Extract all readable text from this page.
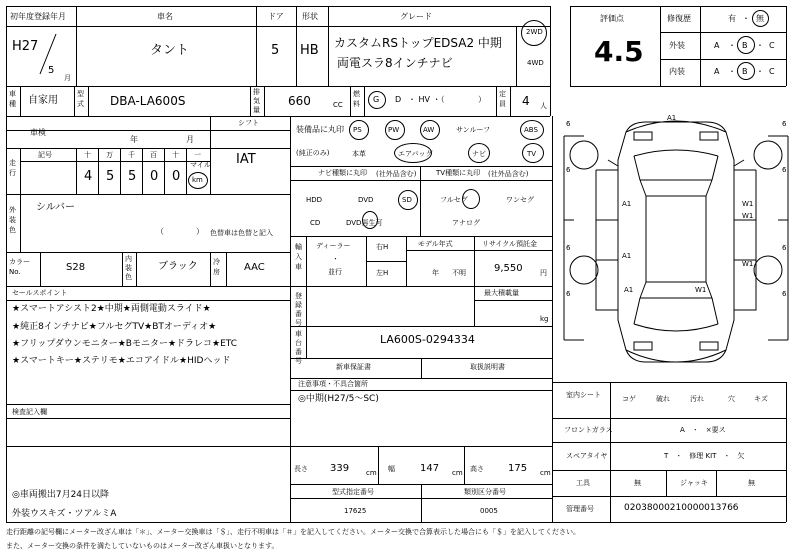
初年度登録年月
H27
5
月
車名
タント
ドア
5
形状
HB
グレード
カスタムRSトップEDSA2 中期
両電スラ8インチナビ
2WD
4WD
評価点
4.5
修復歴	有 ・ 無
外装	A ・ B ・ C
内装	A ・ B ・ C
車種 自家用
型式 DBA-LA600S
排気量
660	CC
燃料 G D ・ HV ・（	）
定員 4 人
車検
年	月
シフト
IAT
走行
記号	十 万 千 百 十 一
4 5 5 0 0
マイル
km
外装色
シルバー
（	） 色替車は色替と記入
カラーNo.	S28
内装色
ブラック 冷房 AAC
セールスポイント
★スマートアシスト2★中期★両側電動スライド★
★純正8インチナビ★フルセグTV★BTオーディオ★
★フリップダウンモニター★Bモニター★ドラレコ★ETC
★スマートキー★ステリモ★エコアイドル★HIDヘッド
検査記入欄
装備品に丸印
(純正のみ)
PS	PW	AW	サンルーフ	ABS
本革	エアバッグ	ナビ	TV
ナビ種類に丸印 (社外品含む)
HDD	DVD	SD
CD	DVD再生可
TV種類に丸印 (社外品含む)
フルセグ	ワンセグ
アナログ
輸入車
ディーラー
・
並行
右H
左H
モデル年式
年 不明
リサイクル預託金
9,550 円
登録番号
最大積載量
kg
車台番号
LA600S-0294334
新車保証書	取扱説明書
注意事項・不具合箇所
◎中期(H27/5〜SC)
A1
A1
A1
A1
W1
W1
W1
W1
6	6
6	6
6	6
6	6
室内シート	コゲ	破れ	汚れ	穴	キズ
フロントガラス	A　・　×要ス
スペアタイヤ	T　・　修理 KIT　・　欠
工具	無	ジャッキ	無
管理番号	02038000210000013766
長さ 339 cm 幅	147 cm 高さ 175 cm
型式指定番号
17625
類別区分番号
0005
◎車両搬出7月24日以降
外装ウスキズ・ツアルミA
走行距離の記号欄にメーター改ざん車は「＊」、メーター交換車は「＄」、走行不明車は「＃」を記入してください。メーター交換で合算表示した場合にも「＄」を記入してください。
また、メーター交換の条件を満たしていないものはメーター改ざん車扱いとなります。
